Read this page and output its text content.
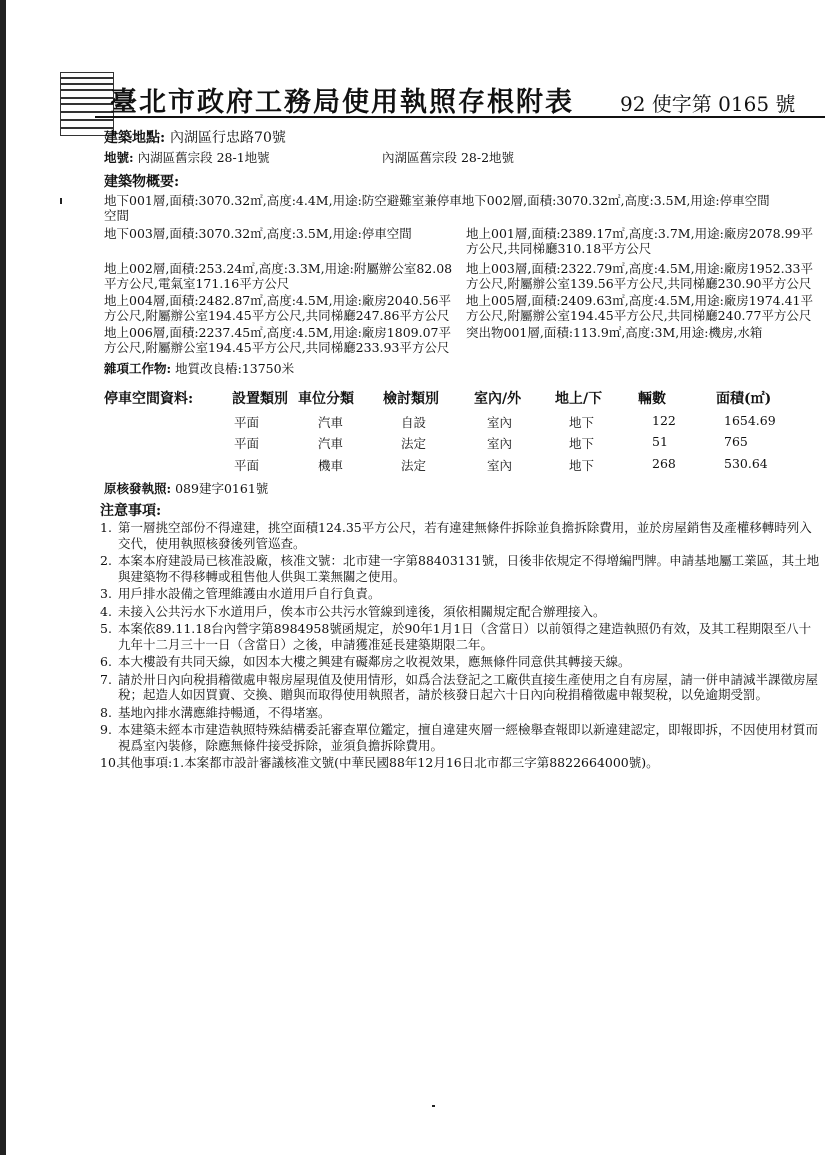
臺北市政府工務局使用執照存根附表 92 使字第 0165 號
建築地點: 內湖區行忠路70號
地號: 內湖區舊宗段 28-1地號	內湖區舊宗段 28-2地號
建築物概要:
地下001層,面積:3070.32㎡,高度:4.4M,用途:防空避難室兼停車地下002層,面積:3070.32㎡,高度:3.5M,用途:停車空間
空間
地下003層,面積:3070.32㎡,高度:3.5M,用途:停車空間	地上001層,面積:2389.17㎡,高度:3.7M,用途:廠房2078.99平方公尺,共同梯廳310.18平方公尺
地上002層,面積:253.24㎡,高度:3.3M,用途:附屬辦公室82.08平方公尺,電氣室171.16平方公尺
地上003層,面積:2322.79㎡,高度:4.5M,用途:廠房1952.33平方公尺,附屬辦公室139.56平方公尺,共同梯廳230.90平方公尺
地上004層,面積:2482.87㎡,高度:4.5M,用途:廠房2040.56平方公尺,附屬辦公室194.45平方公尺,共同梯廳247.86平方公尺
地上005層,面積:2409.63㎡,高度:4.5M,用途:廠房1974.41平方公尺,附屬辦公室194.45平方公尺,共同梯廳240.77平方公尺
地上006層,面積:2237.45㎡,高度:4.5M,用途:廠房1809.07平方公尺,附屬辦公室194.45平方公尺,共同梯廳233.93平方公尺
突出物001層,面積:113.9㎡,高度:3M,用途:機房,水箱
雜項工作物: 地質改良樁:13750米
停車空間資料:	設置類別 車位分類 檢討類別	室內/外 地上/下	輛數	面積(㎡)
平面	汽車	自設	室內	地下	122	1654.69
平面	汽車	法定	室內	地下	51	765
平面	機車	法定	室內	地下	268	530.64
原核發執照: 089建字0161號
注意事項:
1. 第一層挑空部份不得違建，挑空面積124.35平方公尺，若有違建無條件拆除並負擔拆除費用，並於房屋銷售及產權移轉時列入交代，使用執照核發後列管巡查。
2. 本案本府建設局已核准設廠，核准文號：北市建一字第88403131號，日後非依規定不得增編門牌。申請基地屬工業區，其土地與建築物不得移轉或租售他人供與工業無關之使用。
3. 用戶排水設備之管理維護由水道用戶自行負責。
4. 未接入公共污水下水道用戶，俟本市公共污水管線到達後，須依相關規定配合辦理接入。
5. 本案依89.11.18台內營字第8984958號函規定，於90年1月1日（含當日）以前領得之建造執照仍有效，及其工程期限至八十九年十二月三十一日（含當日）之後，申請獲准延長建築期限二年。
6. 本大樓設有共同天線，如因本大樓之興建有礙鄰房之收視效果，應無條件同意供其轉接天線。
7. 請於卅日內向稅捐稽徵處申報房屋現值及使用情形，如爲合法登記之工廠供直接生產使用之自有房屋，請一併申請減半課徵房屋稅；起造人如因買賣、交換、贈與而取得使用執照者，請於核發日起六十日內向稅捐稽徵處申報契稅，以免逾期受罰。
8. 基地內排水溝應維持暢通，不得堵塞。
9. 本建築未經本市建造執照特殊結構委託審查單位鑑定，擅自違建夾層一經檢舉查報即以新違建認定，即報即拆，不因使用材質而視爲室內裝修，除應無條件接受拆除，並須負擔拆除費用。
10.
其他事項:1.本案都市設計審議核准文號(中華民國88年12月16日北市都三字第8822664000號)。
